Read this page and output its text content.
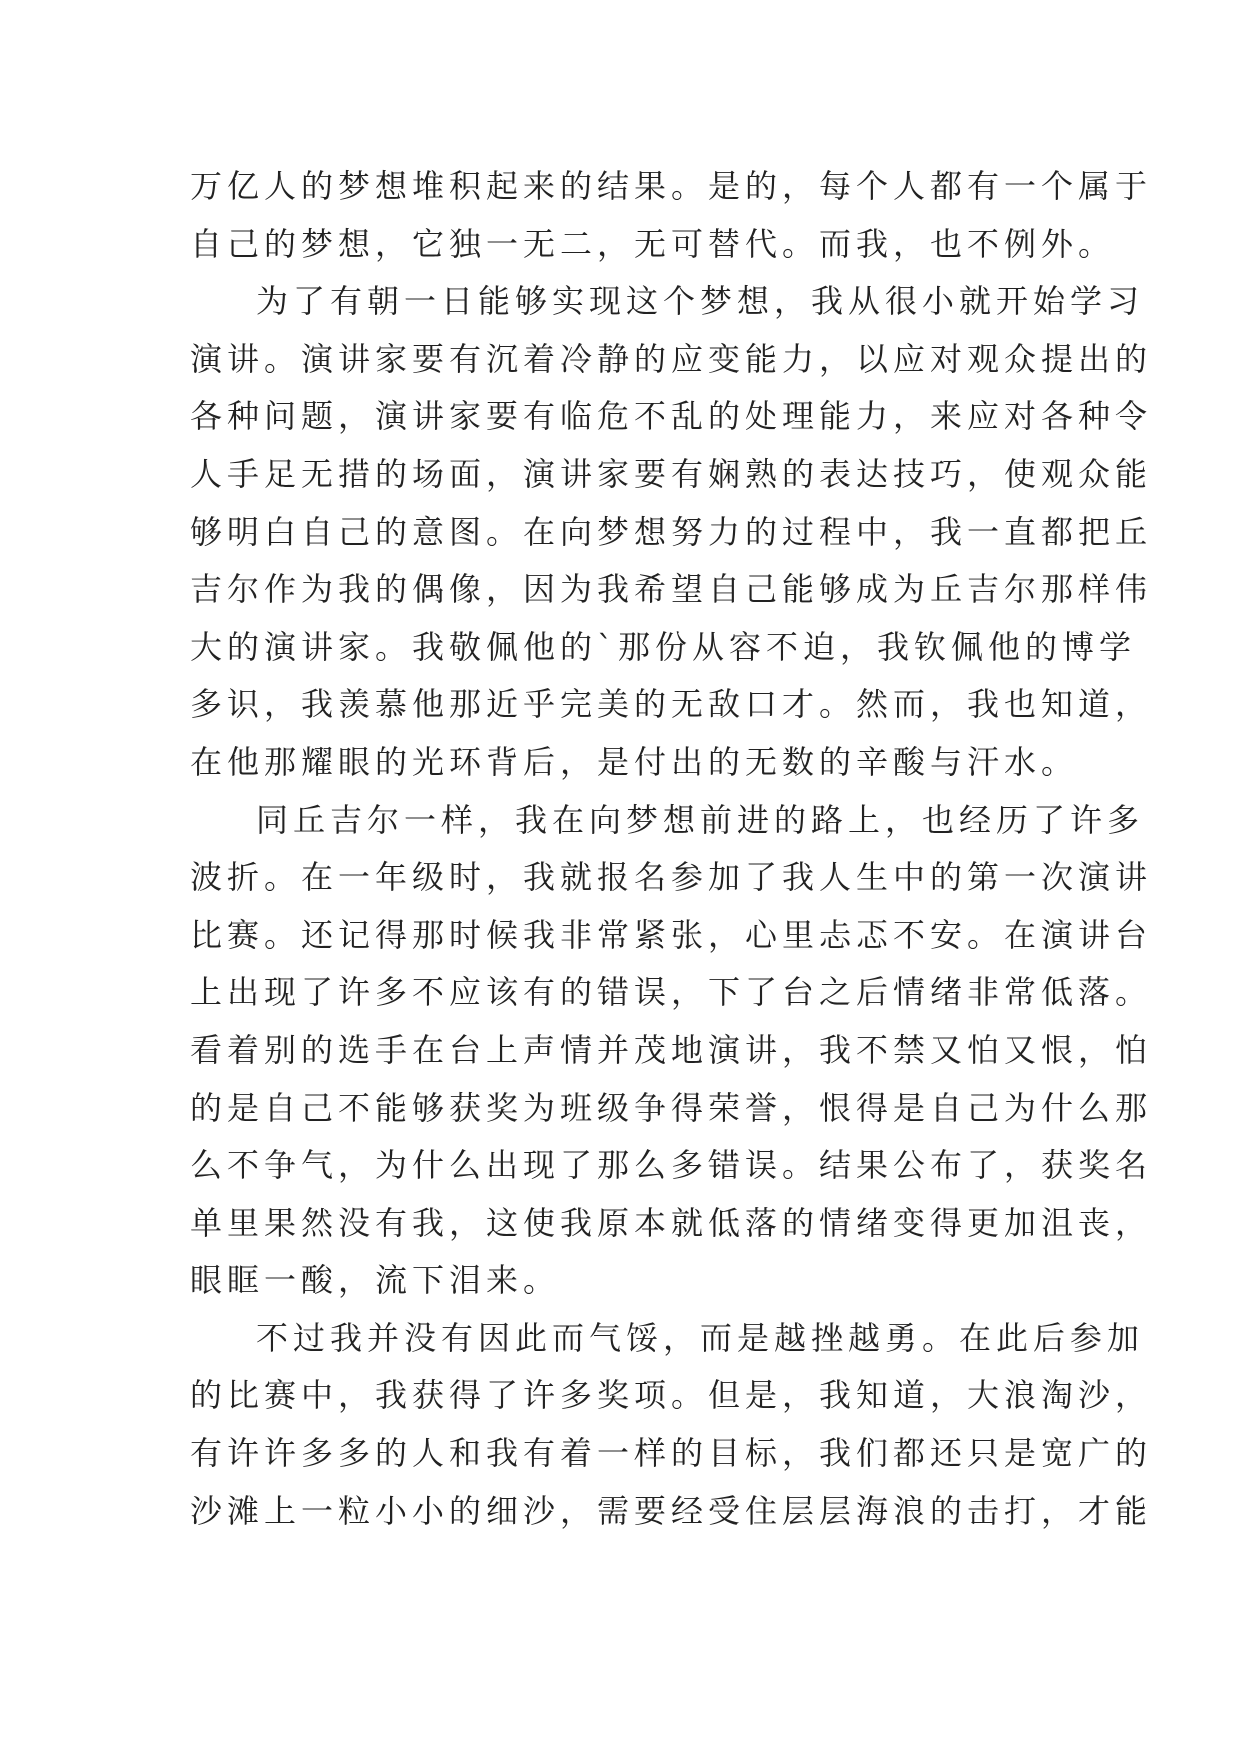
万亿人的梦想堆积起来的结果。是的，每个人都有一个属于
自己的梦想，它独一无二，无可替代。而我，也不例外。
为了有朝一日能够实现这个梦想，我从很小就开始学习
演讲。演讲家要有沉着冷静的应变能力，以应对观众提出的
各种问题，演讲家要有临危不乱的处理能力，来应对各种令
人手足无措的场面，演讲家要有娴熟的表达技巧，使观众能
够明白自己的意图。在向梦想努力的过程中，我一直都把丘
吉尔作为我的偶像，因为我希望自己能够成为丘吉尔那样伟
大的演讲家。我敬佩他的`那份从容不迫，我钦佩他的博学
多识，我羡慕他那近乎完美的无敌口才。然而，我也知道，
在他那耀眼的光环背后，是付出的无数的辛酸与汗水。
同丘吉尔一样，我在向梦想前进的路上，也经历了许多
波折。在一年级时，我就报名参加了我人生中的第一次演讲
比赛。还记得那时候我非常紧张，心里忐忑不安。在演讲台
上出现了许多不应该有的错误，下了台之后情绪非常低落。
看着别的选手在台上声情并茂地演讲，我不禁又怕又恨，怕
的是自己不能够获奖为班级争得荣誉，恨得是自己为什么那
么不争气，为什么出现了那么多错误。结果公布了，获奖名
单里果然没有我，这使我原本就低落的情绪变得更加沮丧，
眼眶一酸，流下泪来。
不过我并没有因此而气馁，而是越挫越勇。在此后参加
的比赛中，我获得了许多奖项。但是，我知道，大浪淘沙，
有许许多多的人和我有着一样的目标，我们都还只是宽广的
沙滩上一粒小小的细沙，需要经受住层层海浪的击打，才能
